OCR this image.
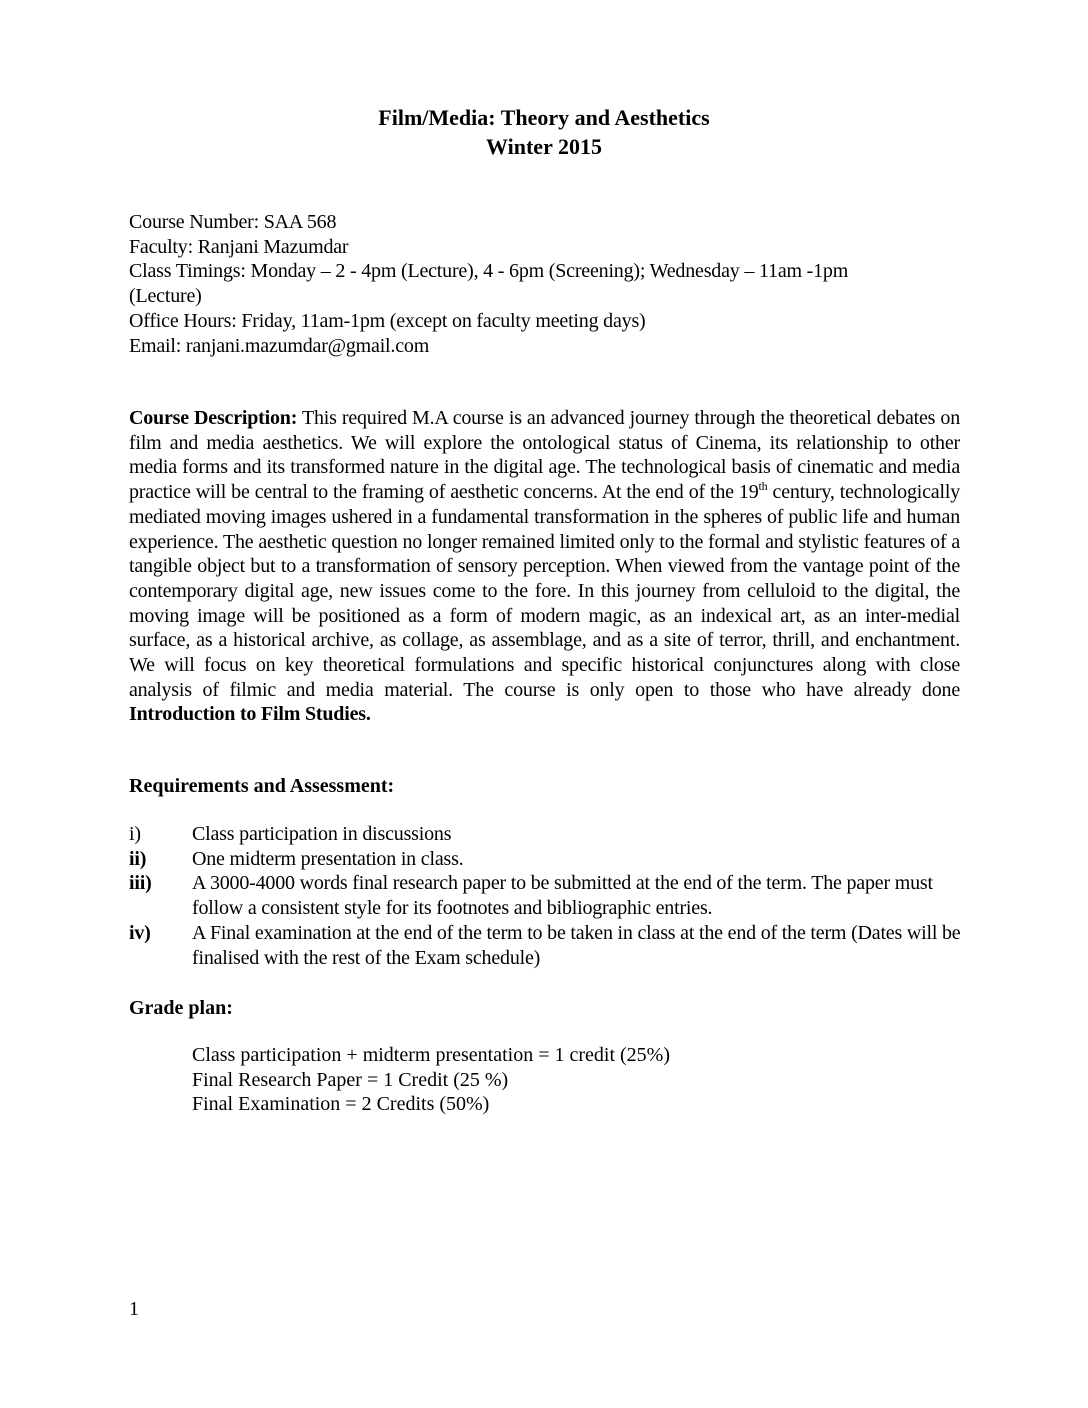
Film/Media: Theory and Aesthetics
Winter 2015
Course Number: SAA 568
Faculty: Ranjani Mazumdar
Class Timings: Monday – 2 - 4pm (Lecture), 4 - 6pm (Screening); Wednesday – 11am -1pm
(Lecture)
Office Hours: Friday, 11am-1pm (except on faculty meeting days)
Email: ranjani.mazumdar@gmail.com
Course Description: This required M.A course is an advanced journey through the theoretical debates on film and media aesthetics. We will explore the ontological status of Cinema, its relationship to other media forms and its transformed nature in the digital age. The technological basis of cinematic and media practice will be central to the framing of aesthetic concerns. At the end of the 19th century, technologically mediated moving images ushered in a fundamental transformation in the spheres of public life and human experience. The aesthetic question no longer remained limited only to the formal and stylistic features of a tangible object but to a transformation of sensory perception. When viewed from the vantage point of the contemporary digital age, new issues come to the fore. In this journey from celluloid to the digital, the moving image will be positioned as a form of modern magic, as an indexical art, as an inter-medial surface, as a historical archive, as collage, as assemblage, and as a site of terror, thrill, and enchantment. We will focus on key theoretical formulations and specific historical conjunctures along with close analysis of filmic and media material. The course is only open to those who have already done Introduction to Film Studies.
Requirements and Assessment:
i)	Class participation in discussions
ii)	One midterm presentation in class.
iii)	A 3000-4000 words final research paper to be submitted at the end of the term. The paper must follow a consistent style for its footnotes and bibliographic entries.
iv)	A Final examination at the end of the term to be taken in class at the end of the term (Dates will be finalised with the rest of the Exam schedule)
Grade plan:
Class participation + midterm presentation = 1 credit (25%)
Final Research Paper = 1 Credit (25 %)
Final Examination = 2 Credits (50%)
1
